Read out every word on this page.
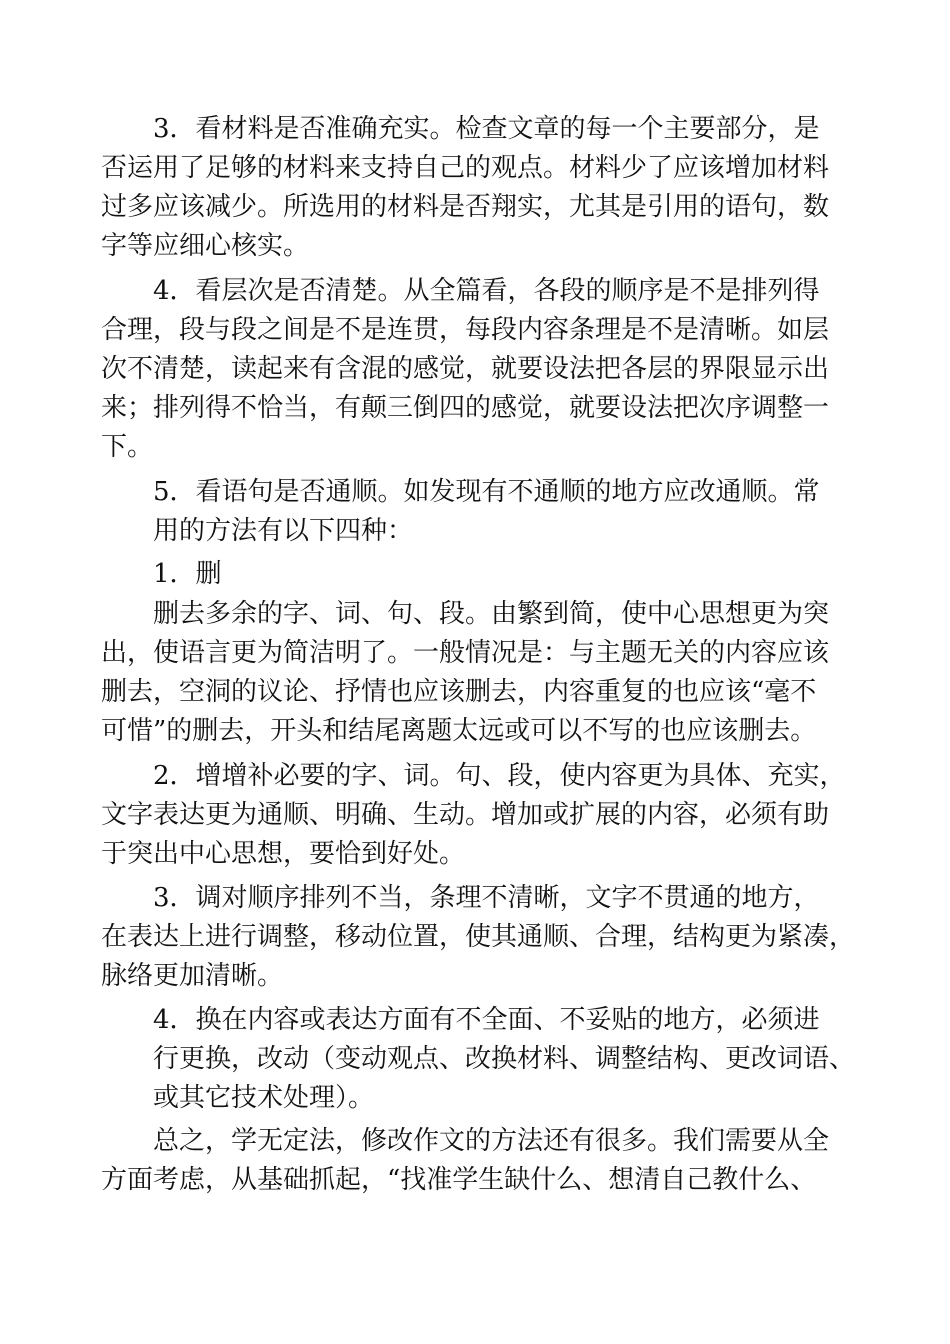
3．看材料是否准确充实。检查文章的每一个主要部分，是
否运用了足够的材料来支持自己的观点。材料少了应该增加材料
过多应该减少。所选用的材料是否翔实，尤其是引用的语句，数
字等应细心核实。
4．看层次是否清楚。从全篇看，各段的顺序是不是排列得
合理，段与段之间是不是连贯，每段内容条理是不是清晰。如层
次不清楚，读起来有含混的感觉，就要设法把各层的界限显示出
来；排列得不恰当，有颠三倒四的感觉，就要设法把次序调整一
下。
5．看语句是否通顺。如发现有不通顺的地方应改通顺。常
用的方法有以下四种：
1．删
删去多余的字、词、句、段。由繁到简，使中心思想更为突
出，使语言更为简洁明了。一般情况是：与主题无关的内容应该
删去，空洞的议论、抒情也应该删去，内容重复的也应该“毫不
可惜”的删去，开头和结尾离题太远或可以不写的也应该删去。
2．增增补必要的字、词。句、段，使内容更为具体、充实，
文字表达更为通顺、明确、生动。增加或扩展的内容，必须有助
于突出中心思想，要恰到好处。
3．调对顺序排列不当，条理不清晰，文字不贯通的地方，
在表达上进行调整，移动位置，使其通顺、合理，结构更为紧凑，
脉络更加清晰。
4．换在内容或表达方面有不全面、不妥贴的地方，必须进
行更换，改动（变动观点、改换材料、调整结构、更改词语、
或其它技术处理）。
总之，学无定法，修改作文的方法还有很多。我们需要从全
方面考虑，从基础抓起，“找准学生缺什么、想清自己教什么、
